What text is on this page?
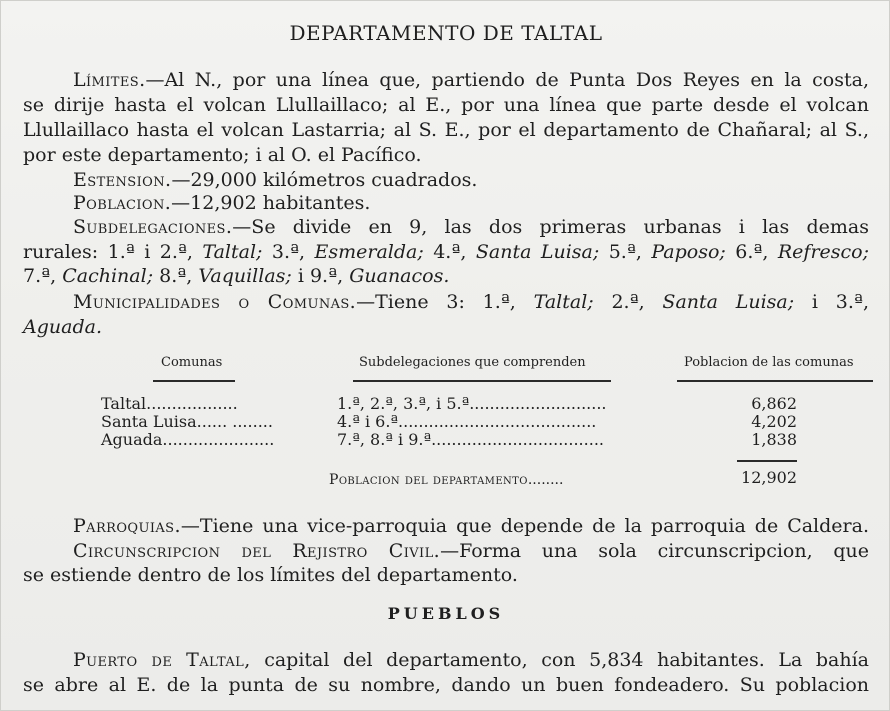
DEPARTAMENTO DE TALTAL
Límites.—Al N., por una línea que, partiendo de Punta Dos Reyes en la costa,
se dirije hasta el volcan Llullaillaco; al E., por una línea que parte desde el volcan
Llullaillaco hasta el volcan Lastarria; al S. E., por el departamento de Chañaral; al S.,
por este departamento; i al O. el Pacífico.
Estension.—29,000 kilómetros cuadrados.
Poblacion.—12,902 habitantes.
Subdelegaciones.—Se divide en 9, las dos primeras urbanas i las demas
rurales: 1.ª i 2.ª, Taltal; 3.ª, Esmeralda; 4.ª, Santa Luisa; 5.ª, Paposo; 6.ª, Refresco;
7.ª, Cachinal; 8.ª, Vaquillas; i 9.ª, Guanacos.
Municipalidades o Comunas.—Tiene 3: 1.ª, Taltal; 2.ª, Santa Luisa; i 3.ª,
Aguada.
Comunas	Subdelegaciones que comprenden	Poblacion de las comunas
Taltal..................	1.ª, 2.ª, 3.ª, i 5.ª...........................	6,862
Santa Luisa...... ........	4.ª i 6.ª.......................................	4,202
Aguada......................	7.ª, 8.ª i 9.ª..................................	1,838
Poblacion del departamento........	12,902
Parroquias.—Tiene una vice-parroquia que depende de la parroquia de Caldera.
Circunscripcion del Rejistro Civil.—Forma una sola circunscripcion, que
se estiende dentro de los límites del departamento.
PUEBLOS
Puerto de Taltal, capital del departamento, con 5,834 habitantes. La bahía
se abre al E. de la punta de su nombre, dando un buen fondeadero. Su poblacion
